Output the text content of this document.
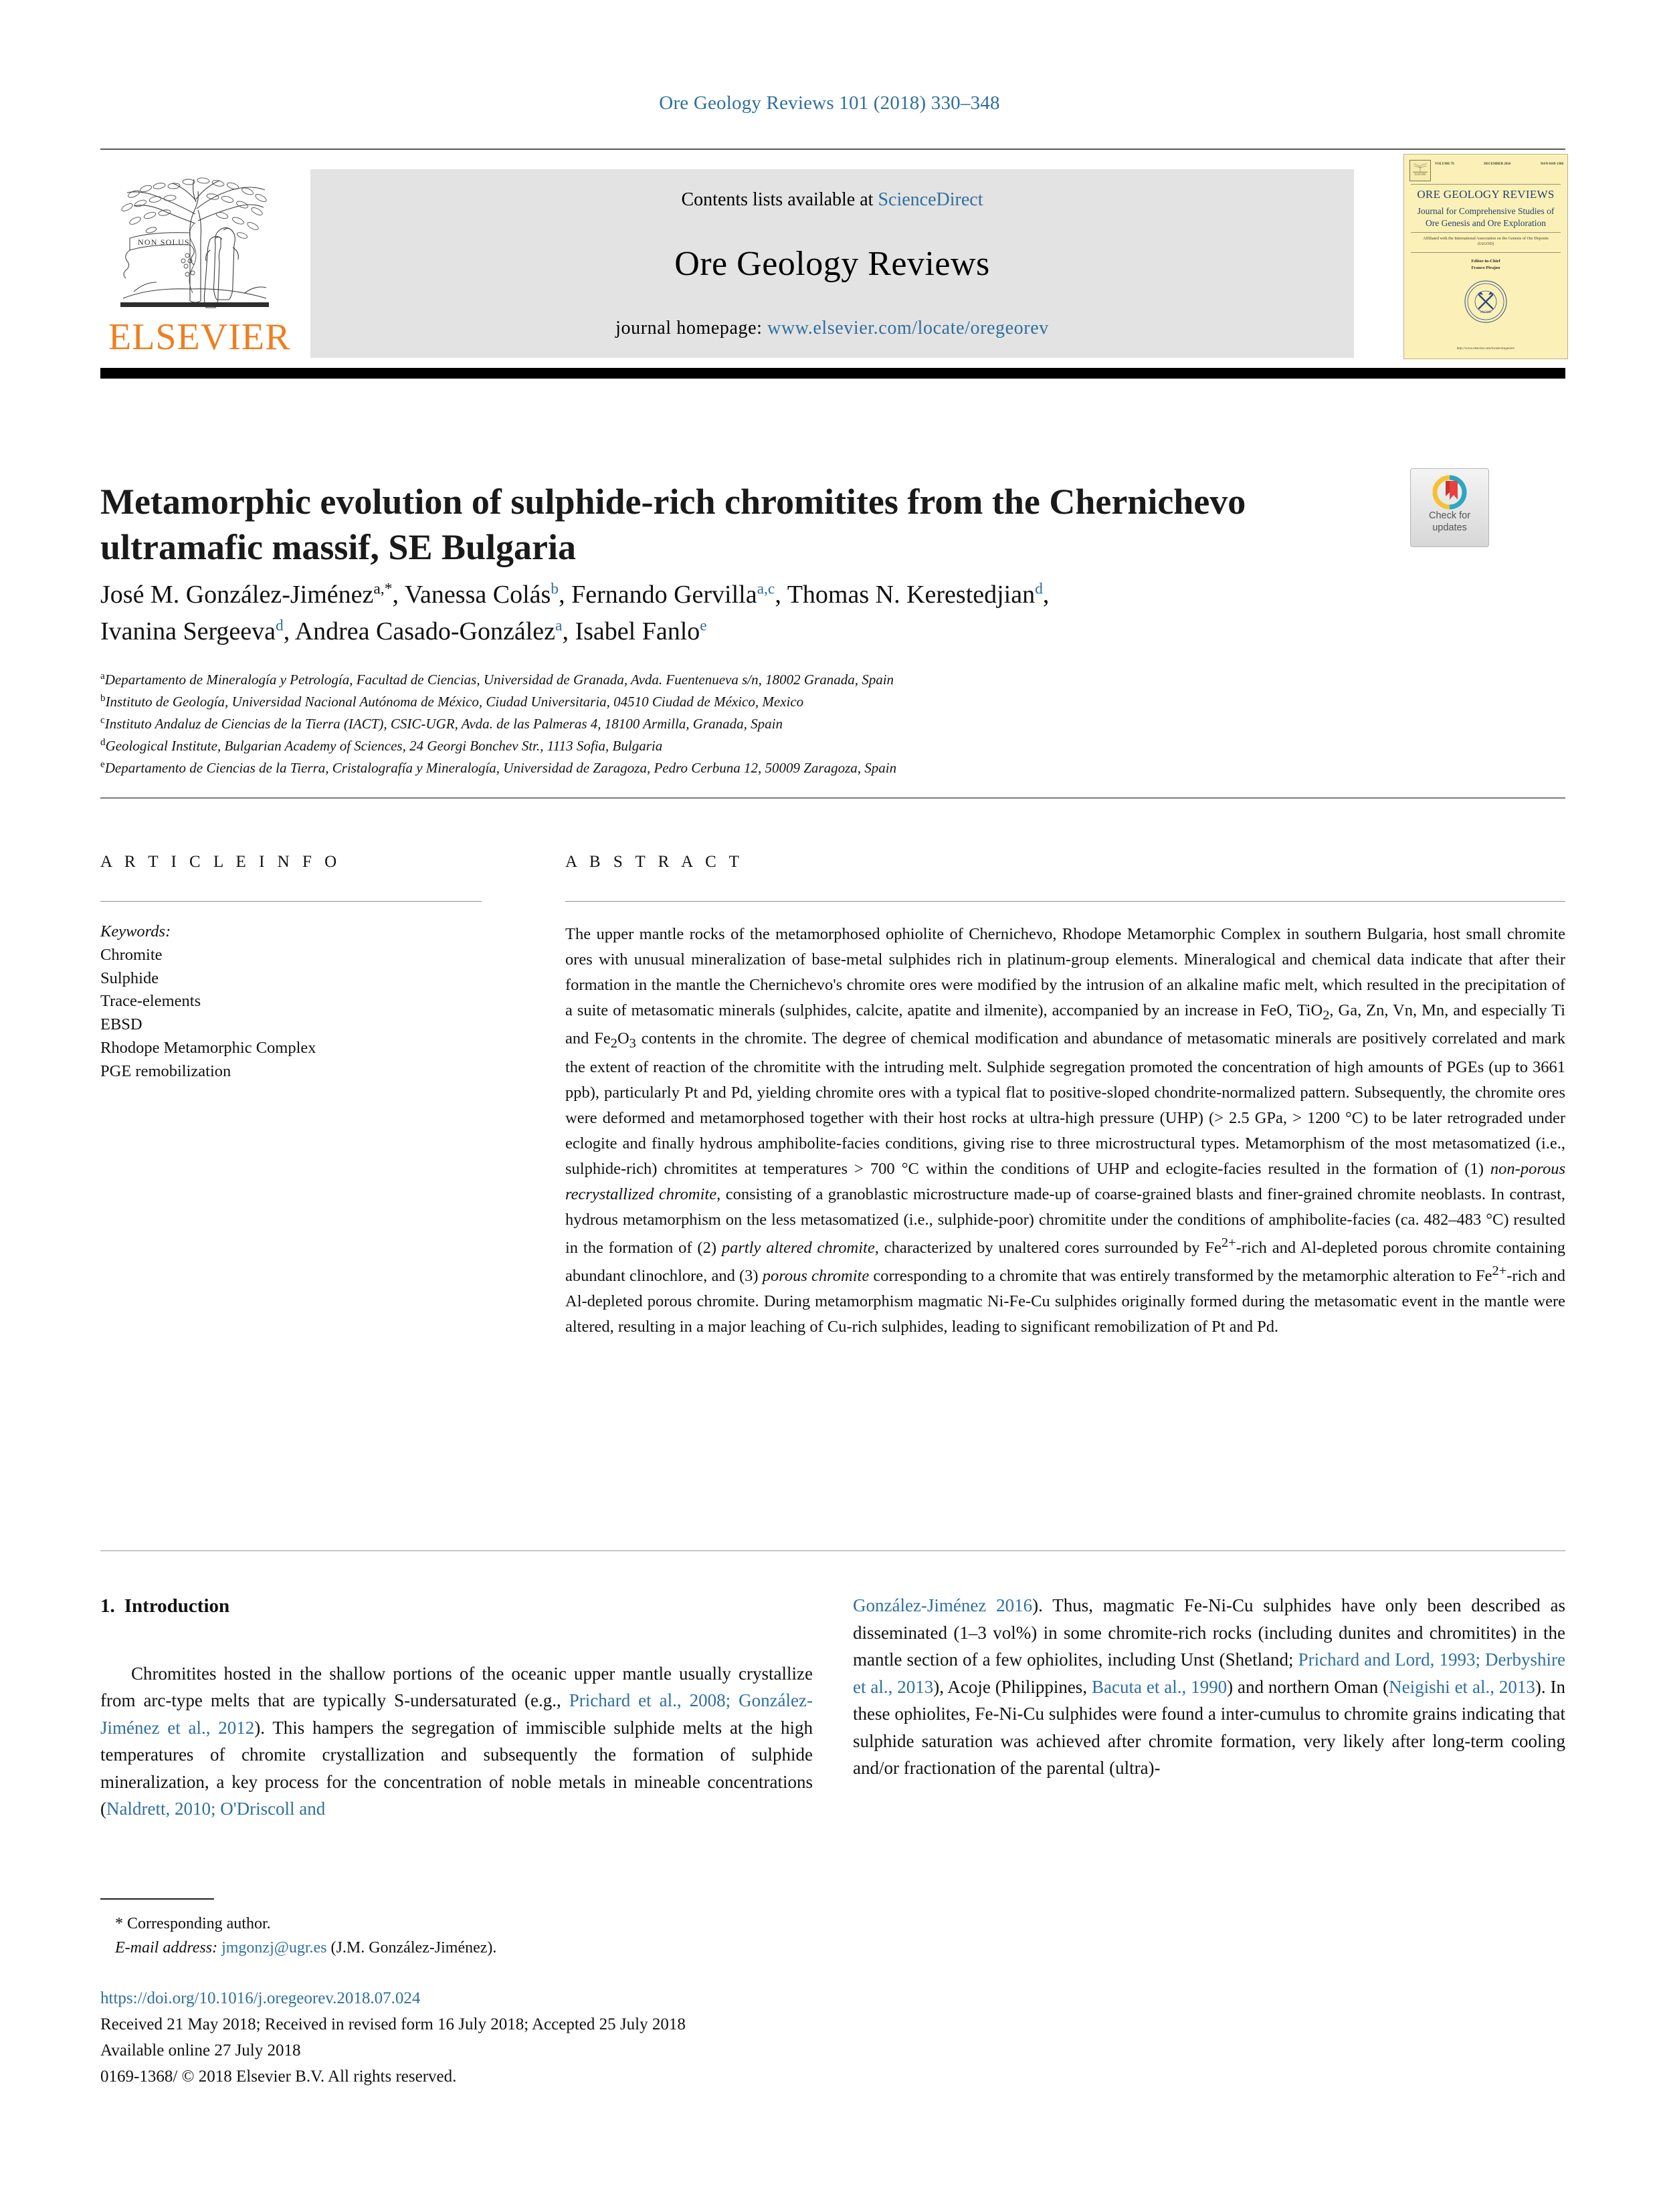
Ore Geology Reviews 101 (2018) 330–348
NON SOLUS
ELSEVIER
Contents lists available at ScienceDirect
Ore Geology Reviews
journal homepage: www.elsevier.com/locate/oregeorev
ELSEVIER
VOLUME 79	DECEMBER 2016	ISSN 0169-1368
ORE GEOLOGY REVIEWS
Journal for Comprehensive Studies of
Ore Genesis and Ore Exploration
Affiliated with the International Association on the Genesis of Ore Deposits
(IAGOD)
Editor-in-Chief
Franco Pirajno
IAGOD
http://www.elsevier.com/locate/oregeorev
Metamorphic evolution of sulphide-rich chromitites from the Chernichevo ultramafic massif, SE Bulgaria
Check for
updates
José M. González-Jiménez$^{a,*}$, Vanessa Colás$^b$, Fernando Gervilla$^{a,c}$, Thomas N. Kerestedjian$^d$,
Ivanina Sergeeva$^d$, Andrea Casado-González$^a$, Isabel Fanlo$^e$
$^a$Departamento de Mineralogía y Petrología, Facultad de Ciencias, Universidad de Granada, Avda. Fuentenueva s/n, 18002 Granada, Spain
$^b$Instituto de Geología, Universidad Nacional Autónoma de México, Ciudad Universitaria, 04510 Ciudad de México, Mexico
$^c$Instituto Andaluz de Ciencias de la Tierra (IACT), CSIC-UGR, Avda. de las Palmeras 4, 18100 Armilla, Granada, Spain
$^d$Geological Institute, Bulgarian Academy of Sciences, 24 Georgi Bonchev Str., 1113 Sofia, Bulgaria
$^e$Departamento de Ciencias de la Tierra, Cristalografía y Mineralogía, Universidad de Zaragoza, Pedro Cerbuna 12, 50009 Zaragoza, Spain
A R T I C L E I N F O
Keywords:
Chromite
Sulphide
Trace-elements
EBSD
Rhodope Metamorphic Complex
PGE remobilization
A B S T R A C T
The upper mantle rocks of the metamorphosed ophiolite of Chernichevo, Rhodope Metamorphic Complex in southern Bulgaria, host small chromite ores with unusual mineralization of base-metal sulphides rich in platinum-group elements. Mineralogical and chemical data indicate that after their formation in the mantle the Chernichevo's chromite ores were modified by the intrusion of an alkaline mafic melt, which resulted in the precipitation of a suite of metasomatic minerals (sulphides, calcite, apatite and ilmenite), accompanied by an increase in FeO, TiO$_2$, Ga, Zn, Vn, Mn, and especially Ti and $Fe_2O_3$ contents in the chromite. The degree of chemical modification and abundance of metasomatic minerals are positively correlated and mark the extent of reaction of the chromitite with the intruding melt. Sulphide segregation promoted the concentration of high amounts of PGEs (up to 3661 ppb), particularly Pt and Pd, yielding chromite ores with a typical flat to positive-sloped chondrite-normalized pattern. Subsequently, the chromite ores were deformed and metamorphosed together with their host rocks at ultra-high pressure (UHP) (> 2.5 GPa, > 1200 °C) to be later retrograded under eclogite and finally hydrous amphibolite-facies conditions, giving rise to three microstructural types. Metamorphism of the most metasomatized (i.e., sulphide-rich) chromitites at temperatures > 700 °C within the conditions of UHP and eclogite-facies resulted in the formation of (1) non-porous recrystallized chromite, consisting of a granoblastic microstructure made-up of coarse-grained blasts and finer-grained chromite neoblasts. In contrast, hydrous metamorphism on the less metasomatized (i.e., sulphide-poor) chromitite under the conditions of amphibolite-facies (ca. 482–483 °C) resulted in the formation of (2) partly altered chromite, characterized by unaltered cores surrounded by $Fe^{2+}$-rich and Al-depleted porous chromite containing abundant clinochlore, and (3) porous chromite corresponding to a chromite that was entirely transformed by the metamorphic alteration to $Fe^{2+}$-rich and Al-depleted porous chromite. During metamorphism magmatic Ni-Fe-Cu sulphides originally formed during the metasomatic event in the mantle were altered, resulting in a major leaching of Cu-rich sulphides, leading to significant remobilization of Pt and Pd.
1. Introduction

Chromitites hosted in the shallow portions of the oceanic upper mantle usually crystallize from arc-type melts that are typically S-undersaturated (e.g., Prichard et al., 2008; González-Jiménez et al., 2012). This hampers the segregation of immiscible sulphide melts at the high temperatures of chromite crystallization and subsequently the formation of sulphide mineralization, a key process for the concentration of noble metals in mineable concentrations (Naldrett, 2010; O'Driscoll and

González-Jiménez 2016). Thus, magmatic Fe-Ni-Cu sulphides have only been described as disseminated (1–3 vol%) in some chromite-rich rocks (including dunites and chromitites) in the mantle section of a few ophiolites, including Unst (Shetland; Prichard and Lord, 1993; Derbyshire et al., 2013), Acoje (Philippines, Bacuta et al., 1990) and northern Oman (Neigishi et al., 2013). In these ophiolites, Fe-Ni-Cu sulphides were found a inter-cumulus to chromite grains indicating that sulphide saturation was achieved after chromite formation, very likely after long-term cooling and/or fractionation of the parental (ultra)-

* Corresponding author.
E-mail address: jmgonzj@ugr.es (J.M. González-Jiménez).
https://doi.org/10.1016/j.oregeorev.2018.07.024
Received 21 May 2018; Received in revised form 16 July 2018; Accepted 25 July 2018
Available online 27 July 2018
0169-1368/ © 2018 Elsevier B.V. All rights reserved.
